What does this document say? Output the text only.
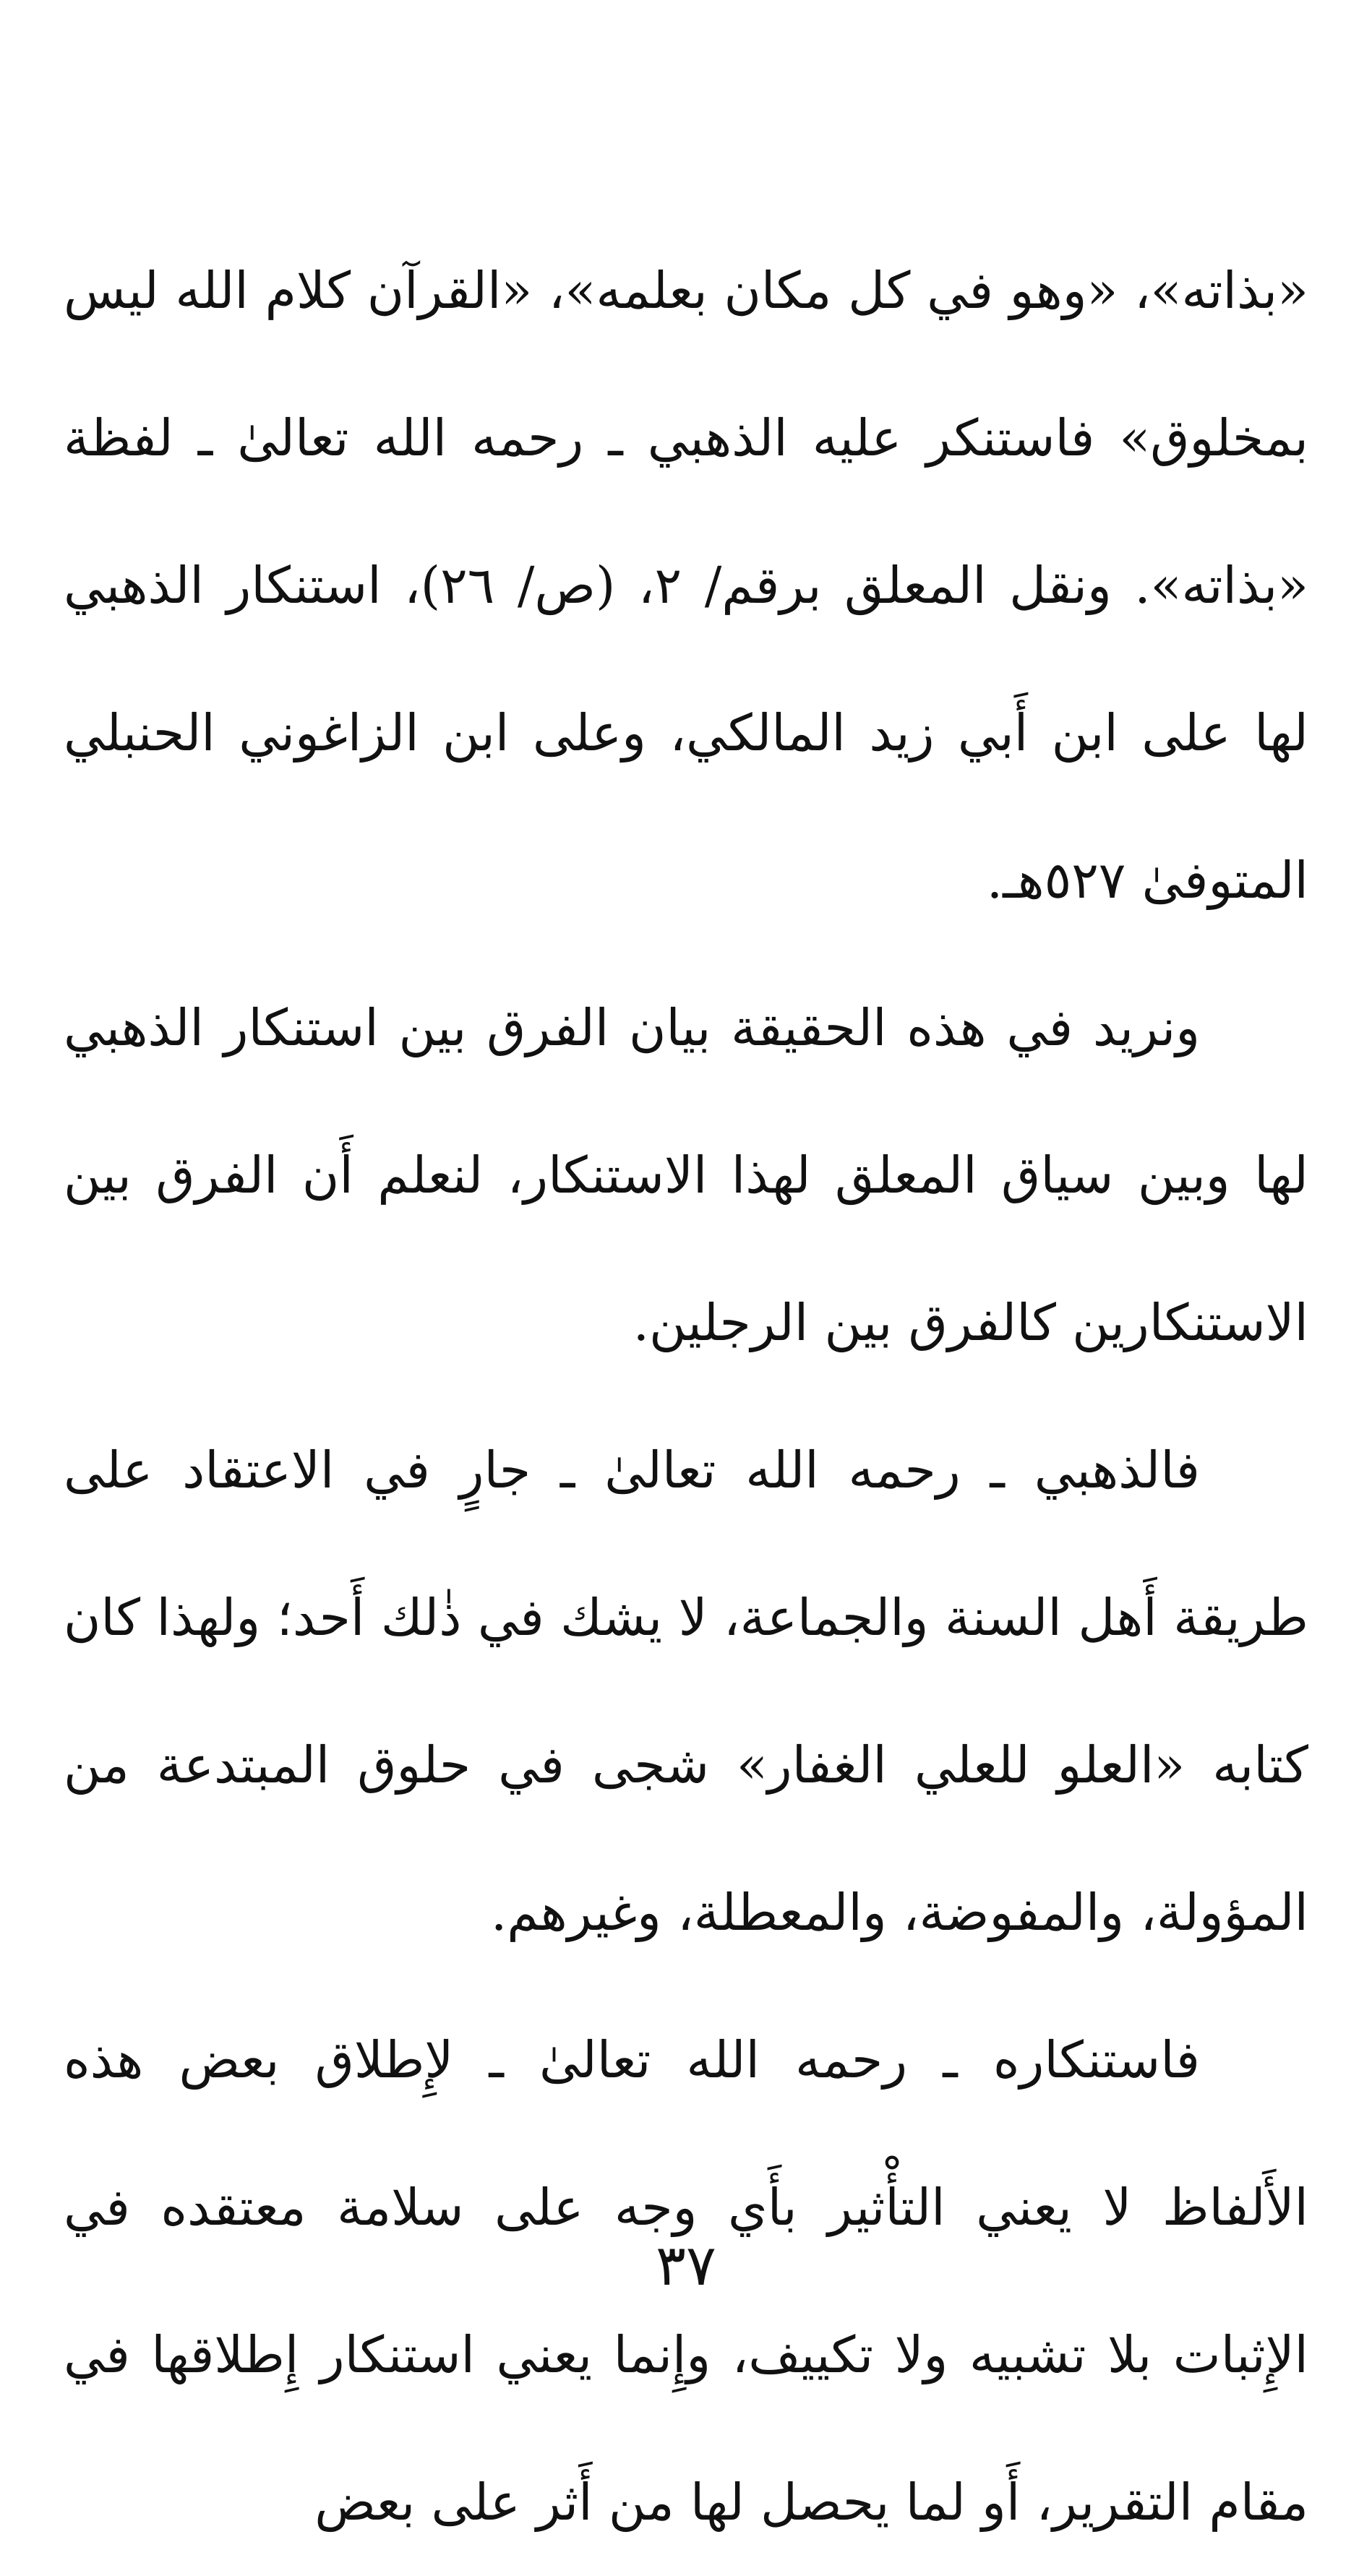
«بذاته»، «وهو في كل مكان بعلمه»، «القرآن كلام الله ليس بمخلوق» فاستنكر عليه الذهبي ـ رحمه الله تعالىٰ ـ لفظة «بذاته». ونقل المعلق برقم/ ٢، (ص/ ٢٦)، استنكار الذهبي لها على ابن أَبي زيد المالكي، وعلى ابن الزاغوني الحنبلي المتوفىٰ ٥٢٧هـ.

ونريد في هذه الحقيقة بيان الفرق بين استنكار الذهبي لها وبين سياق المعلق لهذا الاستنكار، لنعلم أَن الفرق بين الاستنكارين كالفرق بين الرجلين.

فالذهبي ـ رحمه الله تعالىٰ ـ جارٍ في الاعتقاد على طريقة أَهل السنة والجماعة، لا يشك في ذٰلك أَحد؛ ولهذا كان كتابه «العلو للعلي الغفار» شجى في حلوق المبتدعة من المؤولة، والمفوضة، والمعطلة، وغيرهم.

فاستنكاره ـ رحمه الله تعالىٰ ـ لإِطلاق بعض هذه الأَلفاظ لا يعني التأْثير بأَي وجه على سلامة معتقده في الإِثبات بلا تشبيه ولا تكييف، وإِنما يعني استنكار إِطلاقها في مقام التقرير، أَو لما يحصل لها من أَثر على بعض

٣٧
